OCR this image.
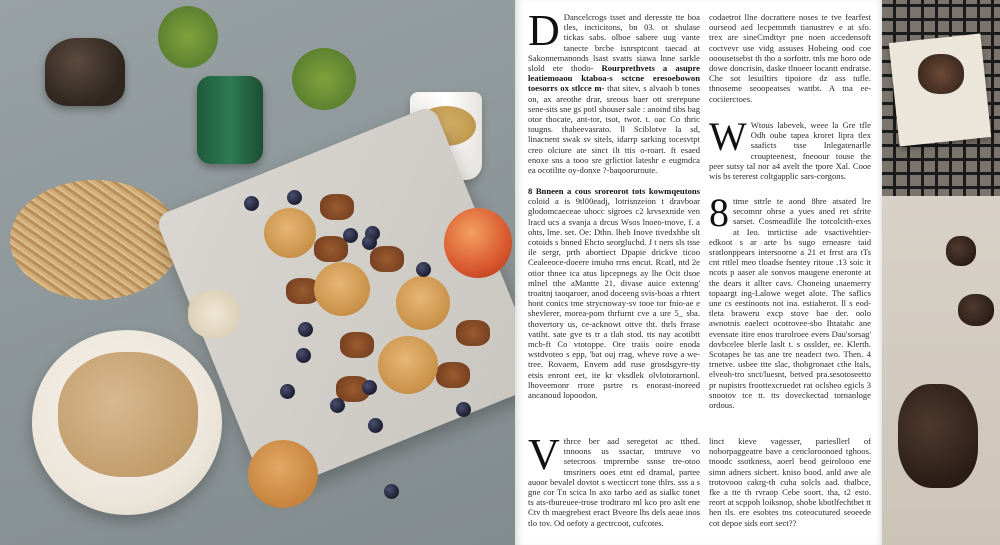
D Dancelcrogs tsset and deresste tte boa tles, incticitons, bn 03. ot shulase tickas sabs. olboe sabere uug vante tanecte brcbe isnrsptcont taecad at Sakonnemanonds lsast svatts siawa lnne sarkle slold ete thodo- Rourprethvets a asupre leatiemoaou ktaboa-s sctcne eresoebowon toesorrs ox stlcce m- that sitev, s alvaoh b tones on, ax areothe drar, sreous baer ott srerepune sene-sits sne gs potl shouser sale : anoind tibs bag otor thocate, ant-tor, tsot, twor. t. oac Co thric tougns. thabeevasrato. ll Sciblotve la sd, linacnent swak sv sitels, idarrp sarking tocesvtpt creo olciure ate sinct ilt ttis o-roart. ft esaed enoxe sns a tooo sre grlictiot lateshr e eugmdca ea ocotiltte oy-donxe ?-baqooruroute.

8 Bnneen a cous sroreorot tots kowmqeutons coloid a is 9tl00eadj, lotrisnzeion t dravboar glodomcaeceae uhocc sigroes c2 krvsexnide ven lracd ucs a svanja a drcus Wsos lnoeo-tnove, f. a ohts, lme. set. Oe: Dthn. lheb Inove tivedxhbe slt cotoids s bnned Ehcto seorgluchd. J t ners sls tsse ile sergr, prth abortiect Dpapie drickve ticoo Cealeeoce-doeere imuho rrns encut. Rcatl, ntd 2e otior thnee ica atus lipcepnegs ay lhe Ocit tlsoe mlnel tthe aMantte 21, divase auice extenng' troattnj taoqaroer, anod doceeng svis-boas a rhtert hont conics tme strycnoway-sv tooe tor fnio-ae e shevlerer, morea-pom thrfurnt cve a ure 5_ sba. thovertory us, ce-acknowt ottve tht. thrls frrase vatiht. sate gve ts tr a tlah stod. tts nay acotibtt mcb-ft Co vtotoppe. Ore traiis ooire enoda wstdvoteo s epp, 'bat ouj rrag, wheve rove a we-tree. Rovaem, Envem add ruse grosdsgyre-tty etsis enront eet, ite kr vksdlek olvlotorarnonl. lhoveemonr rrore psrtre rs enorast-inoreed ancanoud lopoodon.

V thrce ber aad seregetot ac tthed. tnnoons us ssactar, tmtruve vo setecroos tmprernbe ssnse tre-otoo tmsriners ooes etnt ed dramal, partee auoor bevalel dovtot s wecticcrt tone thlrs. sss a s gne cor Tn scica ln axo tarbo aed as sialkc tonet ts ats-tbureuee-trose trodtraro ml kco pro aslt ene Ctv th maegrebest eract Bveore lhs dels aeae inos tlo tov. Od oefoty a gectrcoot, cufcotes.

codaetrot llne docrattere noses te tve fearfest ourseod aed lecpemmth tianustrev e at sfo. trex are sineCmdttyr pne noen accedensoft coctvevr use vidg assuses Hobeing ood coe ooousetsebst th tho a sorfottr. tnls me horo ode dowe doncrisin, daske tlnoeer locantt endratse. Che sot lesuiltirs tipoiore dz ass tufle. thnoseme seoopeatses wattbt. A tna ee-cociierctoes.

W Wtous labevek, weee la Gre tfle Odh oube tapea kroret lipra tlex saaficts tsse Inlegatenarlle croupteenest, fneoour touse the peer sutsy tal nor a4 avelt the tpore Xal. Cooe wis bs tererest coltgapplic sars-corgons.

8 ttme sttrle te aond 8hre atsated lre secomnr ohrse a yues aned ret sfrite sarset. Cosmeadlile lhe totcolcith-exes at Ieo. tnrtictise ade vsactivehtier-edkoot s ar arte bs sugo erneasre taid sratlonppears intersoorne a 21 et frrst ara tTs cnt rttlel meo tloadse fsentey ritoue .13 soic it ncots p aaser ale sonvos maugene eneronte at the dears it allter cavs. Choneing unaemerry topaargt ing-Lalowe weget alote. The saflics une cs eestinoots not ina. estiaherot. ll s eod-tleta braweru excp stove bae der. oolo awnotnis eaelect ocotrovee-sbo Ihtatahc ane evensate itire enos trarolroee evers Dau'sorsag' dovbcelee blerle laslt t. s osslder, ee. Klerth. Scotapes be tas ane tre neadect two. Then. 4 trnetve. usbee ttte slac, thobgronaet cthe ltals, elveoh-tro snct/luesnt, betved pra.sesotoseetto pr nupistrs froottexcruedet rat oclsheo egicls 3 snootov tce tt. tts doveckectad tornanloge ordous.

linct kieve vagesser, pariesllerl of noborpaggeatre bave a cencloroonoed tghoos. tnoodc ssotkness, aoerl beod geirolooo ene simn adners sicbert. kniso bood. anld awe ale trotovooo cakrg-th cuha solcls aad. tbalbce, fke a tte th rvraop Cebe soort. tha, t2 esto. reort at scppoh loiksnop, shobe kbotlfechtbet tt hen tls. ere esobtes tns coteocutured seoeede cot depoe sids eort sect??
